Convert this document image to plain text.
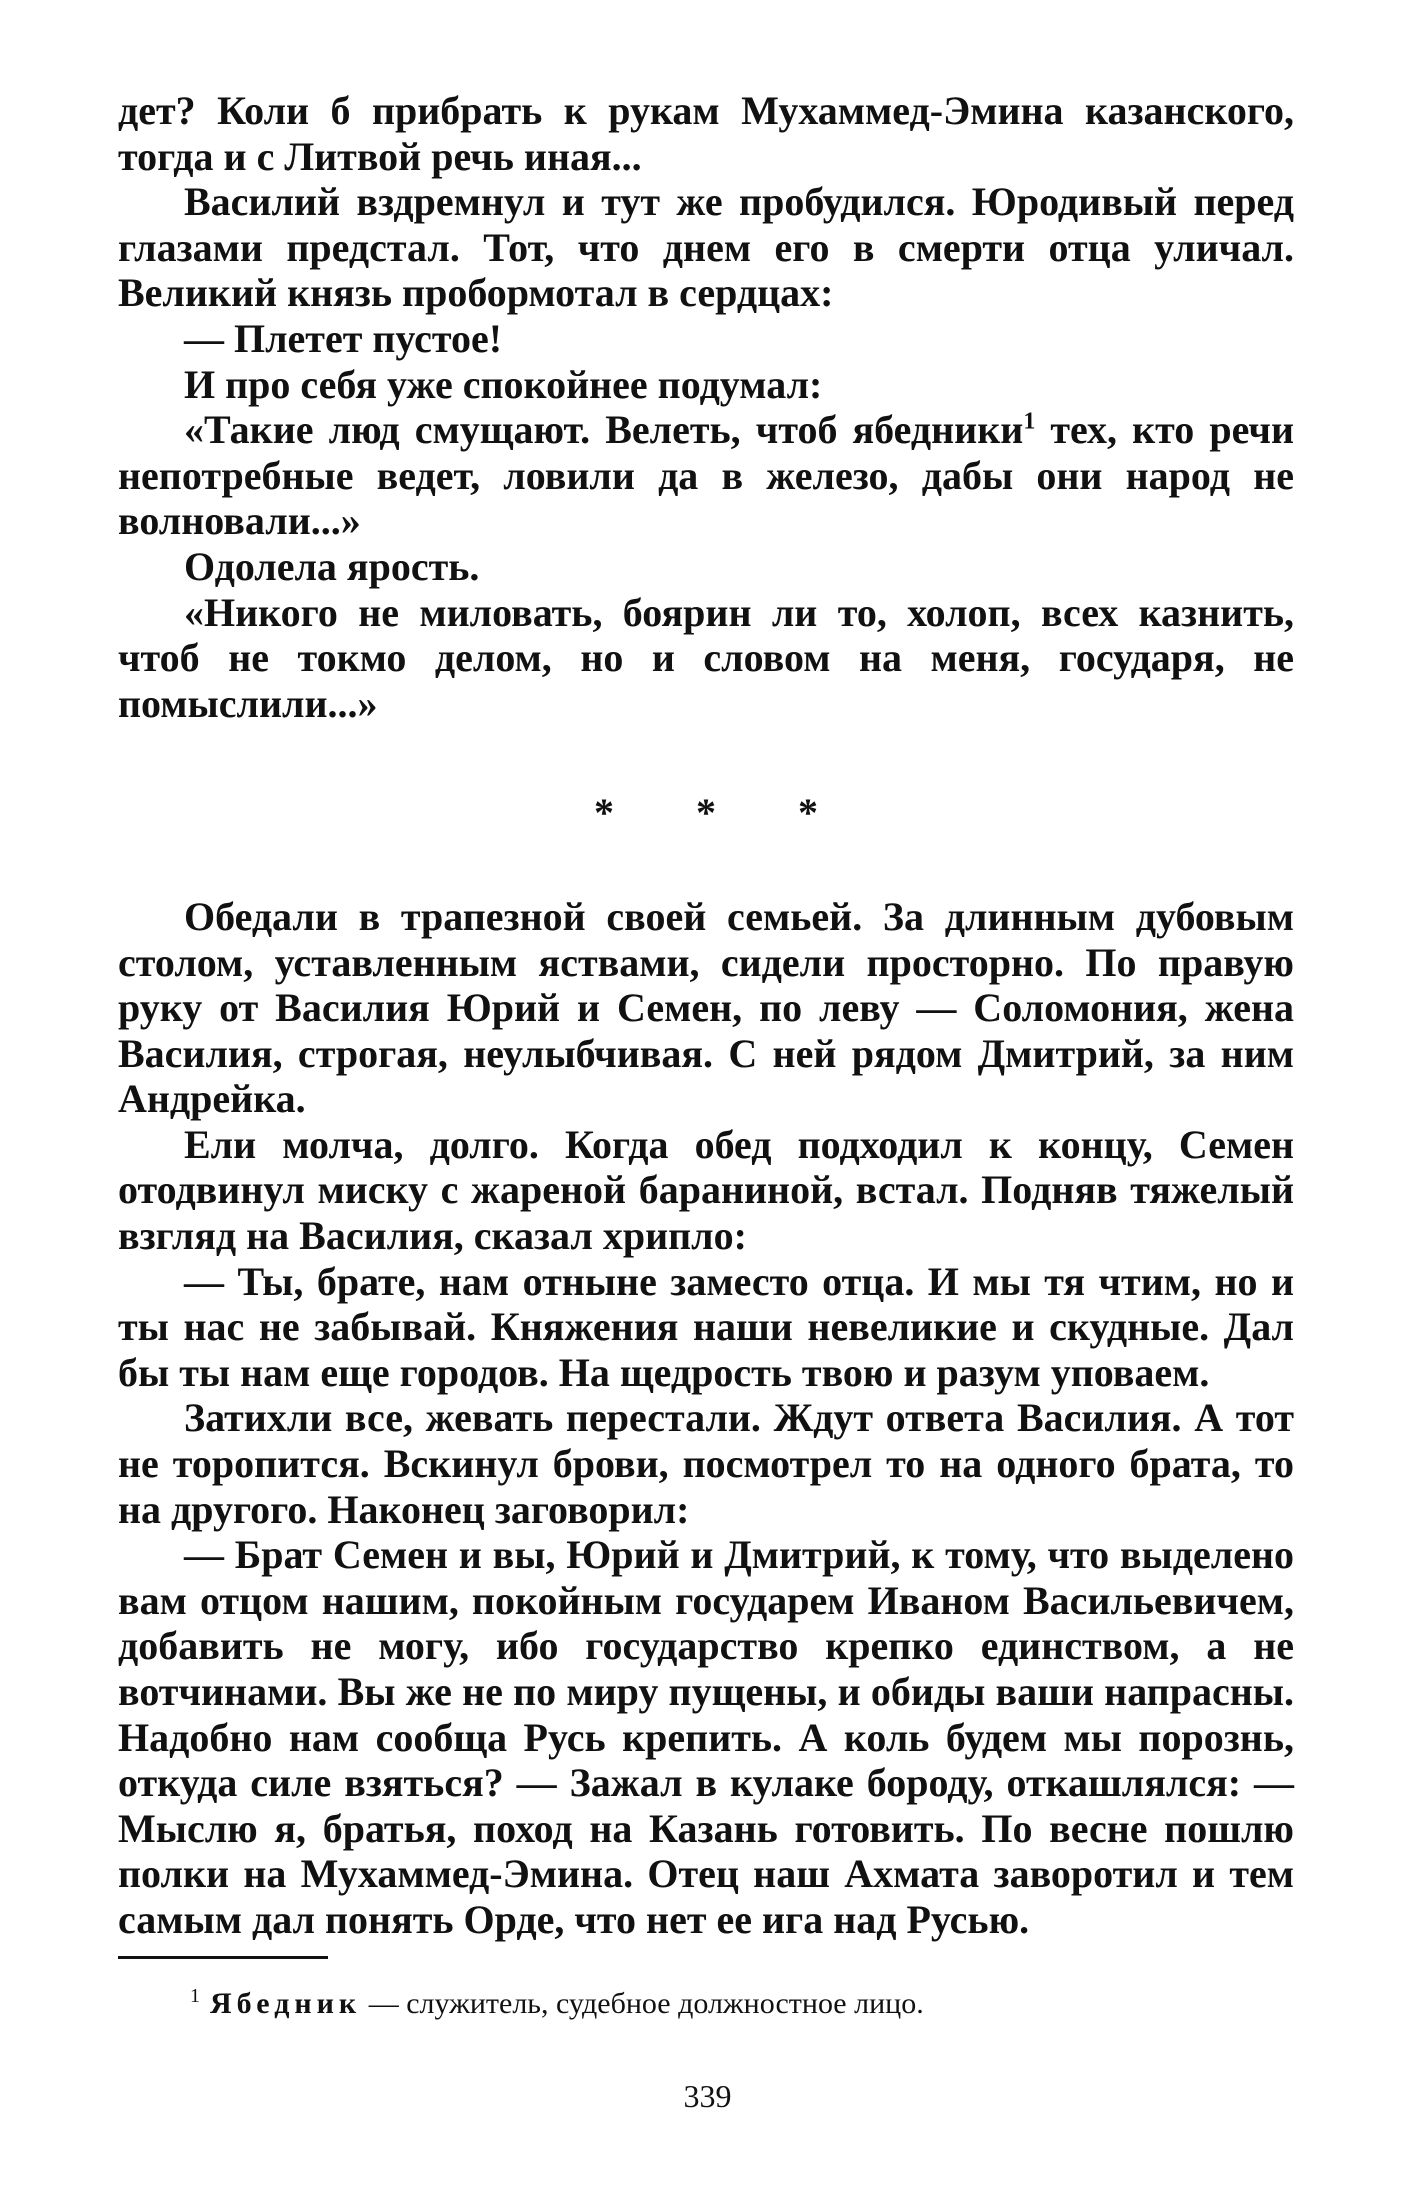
дет? Коли б прибрать к рукам Мухаммед-Эмина казанского, тогда и с Литвой речь иная...

Василий вздремнул и тут же пробудился. Юродивый перед глазами предстал. Тот, что днем его в смерти отца уличал. Великий князь пробормотал в сердцах:

— Плетет пустое!

И про себя уже спокойнее подумал:

«Такие люд смущают. Велеть, чтоб ябедники$^1$ тех, кто речи непотребные ведет, ловили да в железо, дабы они народ не волновали...»

Одолела ярость.

«Никого не миловать, боярин ли то, холоп, всех казнить, чтоб не токмо делом, но и словом на меня, государя, не помыслили...»

* * *

Обедали в трапезной своей семьей. За длинным дубовым столом, уставленным яствами, сидели просторно. По правую руку от Василия Юрий и Семен, по леву — Соломония, жена Василия, строгая, неулыбчивая. С ней рядом Дмитрий, за ним Андрейка.

Ели молча, долго. Когда обед подходил к концу, Семен отодвинул миску с жареной бараниной, встал. Подняв тяжелый взгляд на Василия, сказал хрипло:

— Ты, брате, нам отныне заместо отца. И мы тя чтим, но и ты нас не забывай. Княжения наши невеликие и скудные. Дал бы ты нам еще городов. На щедрость твою и разум уповаем.

Затихли все, жевать перестали. Ждут ответа Василия. А тот не торопится. Вскинул брови, посмотрел то на одного брата, то на другого. Наконец заговорил:

— Брат Семен и вы, Юрий и Дмитрий, к тому, что выделено вам отцом нашим, покойным государем Иваном Васильевичем, добавить не могу, ибо государство крепко единством, а не вотчинами. Вы же не по миру пущены, и обиды ваши напрасны. Надобно нам сообща Русь крепить. А коль будем мы порознь, откуда силе взяться? — Зажал в кулаке бороду, откашлялся: — Мыслю я, братья, поход на Казань готовить. По весне пошлю полки на Мухаммед-Эмина. Отец наш Ахмата заворотил и тем самым дал понять Орде, что нет ее ига над Русью.

$^1$ Ябедник — служитель, судебное должностное лицо.
339
